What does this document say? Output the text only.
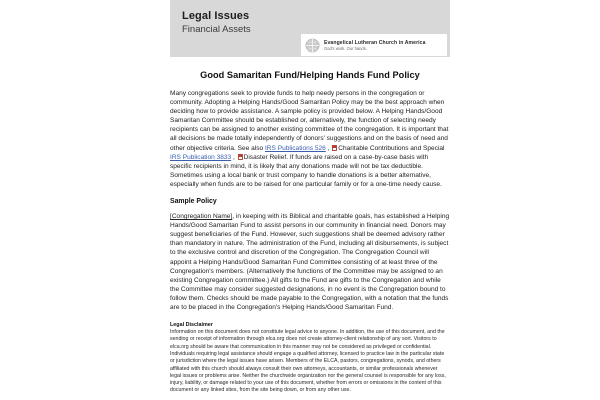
Legal Issues
Financial Assets
Evangelical Lutheran Church in America
God's work. Our hands.
Good Samaritan Fund/Helping Hands Fund Policy

Many congregations seek to provide funds to help needy persons in the congregation or community. Adopting a Helping Hands/Good Samaritan Policy may be the best approach when deciding how to provide assistance. A sample policy is provided below. A Helping Hands/Good Samaritan Committee should be established or, alternatively, the function of selecting needy recipients can be assigned to another existing committee of the congregation. It is important that all decisions be made totally independently of donors' suggestions and on the basis of need and other objective criteria. See also IRS Publications 526 , Charitable Contributions and Special IRS Publication 3833 , Disaster Relief. If funds are raised on a case-by-case basis with specific recipients in mind, it is likely that any donations made will not be tax deductible. Sometimes using a local bank or trust company to handle donations is a better alternative, especially when funds are to be raised for one particular family or for a one-time needy cause.

Sample Policy

[Congregation Name], in keeping with its Biblical and charitable goals, has established a Helping Hands/Good Samaritan Fund to assist persons in our community in financial need. Donors may suggest beneficiaries of the Fund. However, such suggestions shall be deemed advisory rather than mandatory in nature. The administration of the Fund, including all disbursements, is subject to the exclusive control and discretion of the Congregation. The Congregation Council will appoint a Helping Hands/Good Samaritan Fund Committee consisting of at least three of the Congregation's members. (Alternatively the functions of the Committee may be assigned to an existing Congregation committee.) All gifts to the Fund are gifts to the Congregation and while the Committee may consider suggested designations, in no event is the Congregation bound to follow them. Checks should be made payable to the Congregation, with a notation that the funds are to be placed in the Congregation's Helping Hands/Good Samaritan Fund.

Legal Disclaimer

Information on this document does not constitute legal advice to anyone. In addition, the use of this document, and the sending or receipt of information through elca.org does not create attorney-client relationship of any sort. Visitors to elca.org should be aware that communication in this manner may not be considered as privileged or confidential. Individuals requiring legal assistance should engage a qualified attorney, licensed to practice law in the particular state or jurisdiction where the legal issues have arisen. Members of the ELCA, pastors, congregations, synods, and others affiliated with this church should always consult their own attorneys, accountants, or similar professionals whenever legal issues or problems arise. Neither the churchwide organization nor the general counsel is responsible for any loss, injury, liability, or damage related to your use of this document, whether from errors or omissions in the content of this document or any linked sites, from the site being down, or from any other use.
